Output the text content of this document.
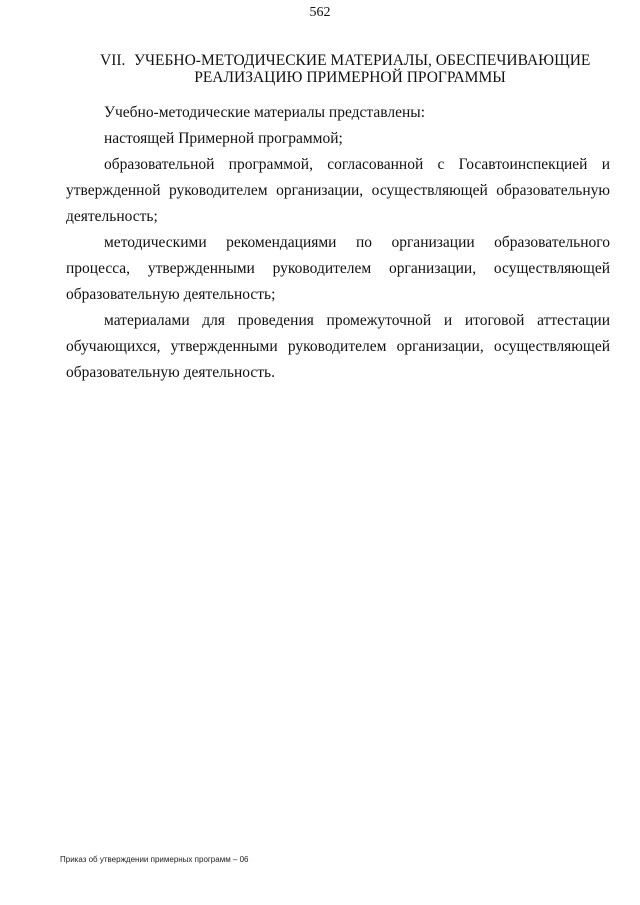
562
VII. УЧЕБНО-МЕТОДИЧЕСКИЕ МАТЕРИАЛЫ, ОБЕСПЕЧИВАЮЩИЕ
РЕАЛИЗАЦИЮ ПРИМЕРНОЙ ПРОГРАММЫ

Учебно-методические материалы представлены:

настоящей Примерной программой;

образовательной программой, согласованной с Госавтоинспекцией и утвержденной руководителем организации, осуществляющей образовательную деятельность;

методическими рекомендациями по организации образовательного процесса, утвержденными руководителем организации, осуществляющей образовательную деятельность;

материалами для проведения промежуточной и итоговой аттестации обучающихся, утвержденными руководителем организации, осуществляющей образовательную деятельность.

Приказ об утверждении примерных программ – 06
